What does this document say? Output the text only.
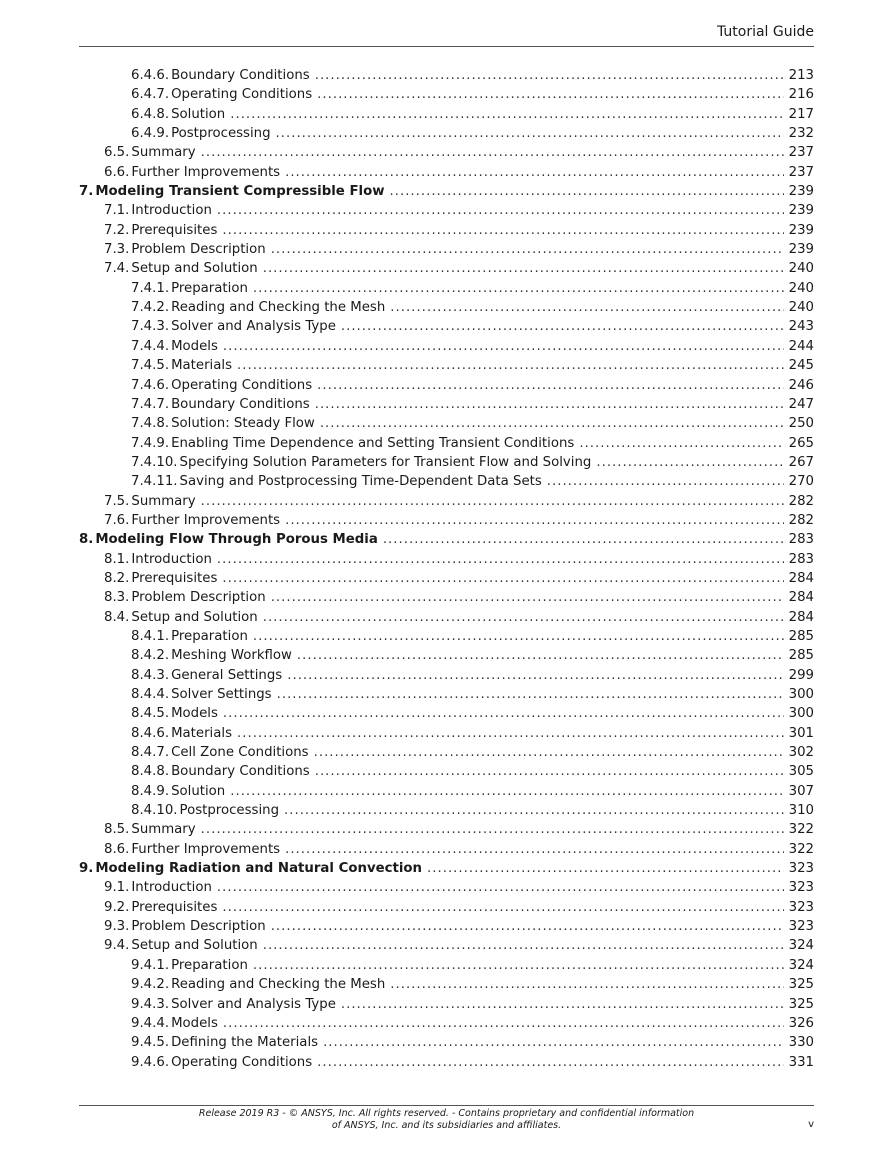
Tutorial Guide
6.4.6. Boundary Conditions .....	213
6.4.7. Operating Conditions .....	216
6.4.8. Solution .....	217
6.4.9. Postprocessing .....	232
6.5. Summary .....	237
6.6. Further Improvements .....	237
7. Modeling Transient Compressible Flow .....	239
7.1. Introduction .....	239
7.2. Prerequisites .....	239
7.3. Problem Description .....	239
7.4. Setup and Solution .....	240
7.4.1. Preparation .....	240
7.4.2. Reading and Checking the Mesh .....	240
7.4.3. Solver and Analysis Type .....	243
7.4.4. Models .....	244
7.4.5. Materials .....	245
7.4.6. Operating Conditions .....	246
7.4.7. Boundary Conditions .....	247
7.4.8. Solution: Steady Flow .....	250
7.4.9. Enabling Time Dependence and Setting Transient Conditions .....	265
7.4.10. Specifying Solution Parameters for Transient Flow and Solving .....	267
7.4.11. Saving and Postprocessing Time-Dependent Data Sets .....	270
7.5. Summary .....	282
7.6. Further Improvements .....	282
8. Modeling Flow Through Porous Media .....	283
8.1. Introduction .....	283
8.2. Prerequisites .....	284
8.3. Problem Description .....	284
8.4. Setup and Solution .....	284
8.4.1. Preparation .....	285
8.4.2. Meshing Workflow .....	285
8.4.3. General Settings .....	299
8.4.4. Solver Settings .....	300
8.4.5. Models .....	300
8.4.6. Materials .....	301
8.4.7. Cell Zone Conditions .....	302
8.4.8. Boundary Conditions .....	305
8.4.9. Solution .....	307
8.4.10. Postprocessing .....	310
8.5. Summary .....	322
8.6. Further Improvements .....	322
9. Modeling Radiation and Natural Convection .....	323
9.1. Introduction .....	323
9.2. Prerequisites .....	323
9.3. Problem Description .....	323
9.4. Setup and Solution .....	324
9.4.1. Preparation .....	324
9.4.2. Reading and Checking the Mesh .....	325
9.4.3. Solver and Analysis Type .....	325
9.4.4. Models .....	326
9.4.5. Defining the Materials .....	330
9.4.6. Operating Conditions .....	331
Release 2019 R3 - © ANSYS, Inc. All rights reserved. - Contains proprietary and confidential information
of ANSYS, Inc. and its subsidiaries and affiliates.	v
